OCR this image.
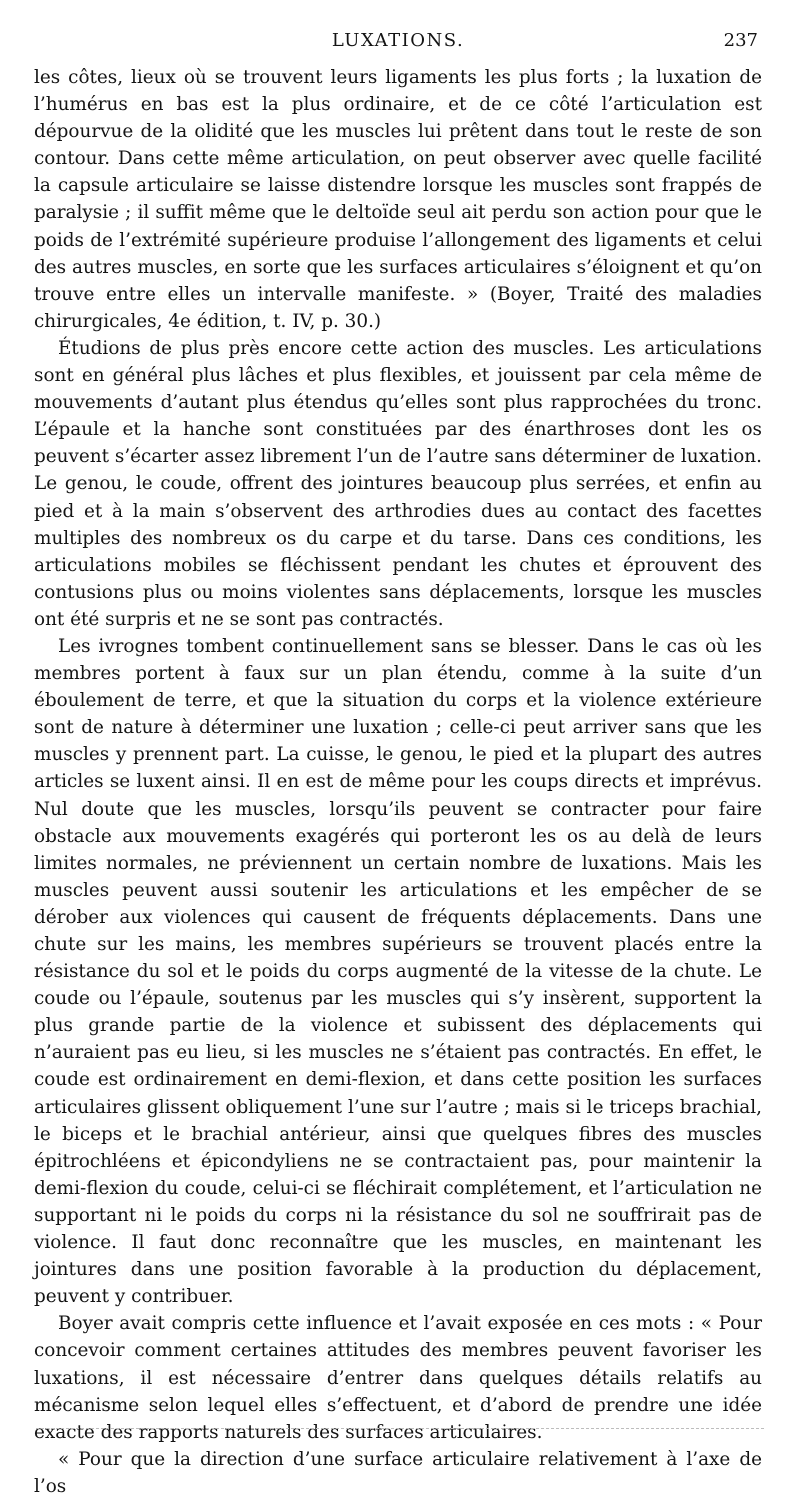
LUXATIONS.	237

les côtes, lieux où se trouvent leurs ligaments les plus forts ; la luxation de l’humérus en bas est la plus ordinaire, et de ce côté l’articulation est dépourvue de la olidité que les muscles lui prêtent dans tout le reste de son contour. Dans cette même articulation, on peut observer avec quelle facilité la capsule articulaire se laisse distendre lorsque les muscles sont frappés de paralysie ; il suffit même que le deltoïde seul ait perdu son action pour que le poids de l’extrémité supérieure produise l’allongement des ligaments et celui des autres muscles, en sorte que les surfaces articulaires s’éloignent et qu’on trouve entre elles un intervalle manifeste. » (Boyer, Traité des maladies chirurgicales, 4e édition, t. IV, p. 30.)

Étudions de plus près encore cette action des muscles. Les articulations sont en général plus lâches et plus flexibles, et jouissent par cela même de mouvements d’autant plus étendus qu’elles sont plus rapprochées du tronc. L’épaule et la hanche sont constituées par des énarthroses dont les os peuvent s’écarter assez librement l’un de l’autre sans déterminer de luxation. Le genou, le coude, offrent des jointures beaucoup plus serrées, et enfin au pied et à la main s’observent des arthrodies dues au contact des facettes multiples des nombreux os du carpe et du tarse. Dans ces conditions, les articulations mobiles se fléchissent pendant les chutes et éprouvent des contusions plus ou moins violentes sans déplacements, lorsque les muscles ont été surpris et ne se sont pas contractés.

Les ivrognes tombent continuellement sans se blesser. Dans le cas où les membres portent à faux sur un plan étendu, comme à la suite d’un éboulement de terre, et que la situation du corps et la violence extérieure sont de nature à déterminer une luxation ; celle-ci peut arriver sans que les muscles y prennent part. La cuisse, le genou, le pied et la plupart des autres articles se luxent ainsi. Il en est de même pour les coups directs et imprévus. Nul doute que les muscles, lorsqu’ils peuvent se contracter pour faire obstacle aux mouvements exagérés qui porteront les os au delà de leurs limites normales, ne préviennent un certain nombre de luxations. Mais les muscles peuvent aussi soutenir les articulations et les empêcher de se dérober aux violences qui causent de fréquents déplacements. Dans une chute sur les mains, les membres supérieurs se trouvent placés entre la résistance du sol et le poids du corps augmenté de la vitesse de la chute. Le coude ou l’épaule, soutenus par les muscles qui s’y insèrent, supportent la plus grande partie de la violence et subissent des déplacements qui n’auraient pas eu lieu, si les muscles ne s’étaient pas contractés. En effet, le coude est ordinairement en demi-flexion, et dans cette position les surfaces articulaires glissent obliquement l’une sur l’autre ; mais si le triceps brachial, le biceps et le brachial antérieur, ainsi que quelques fibres des muscles épitrochléens et épicondyliens ne se contractaient pas, pour maintenir la demi-flexion du coude, celui-ci se fléchirait complétement, et l’articulation ne supportant ni le poids du corps ni la résistance du sol ne souffrirait pas de violence. Il faut donc reconnaître que les muscles, en maintenant les jointures dans une position favorable à la production du déplacement, peuvent y contribuer.

Boyer avait compris cette influence et l’avait exposée en ces mots : « Pour concevoir comment certaines attitudes des membres peuvent favoriser les luxations, il est nécessaire d’entrer dans quelques détails relatifs au mécanisme selon lequel elles s’effectuent, et d’abord de prendre une idée exacte des rapports naturels des surfaces articulaires.

« Pour que la direction d’une surface articulaire relativement à l’axe de l’os
